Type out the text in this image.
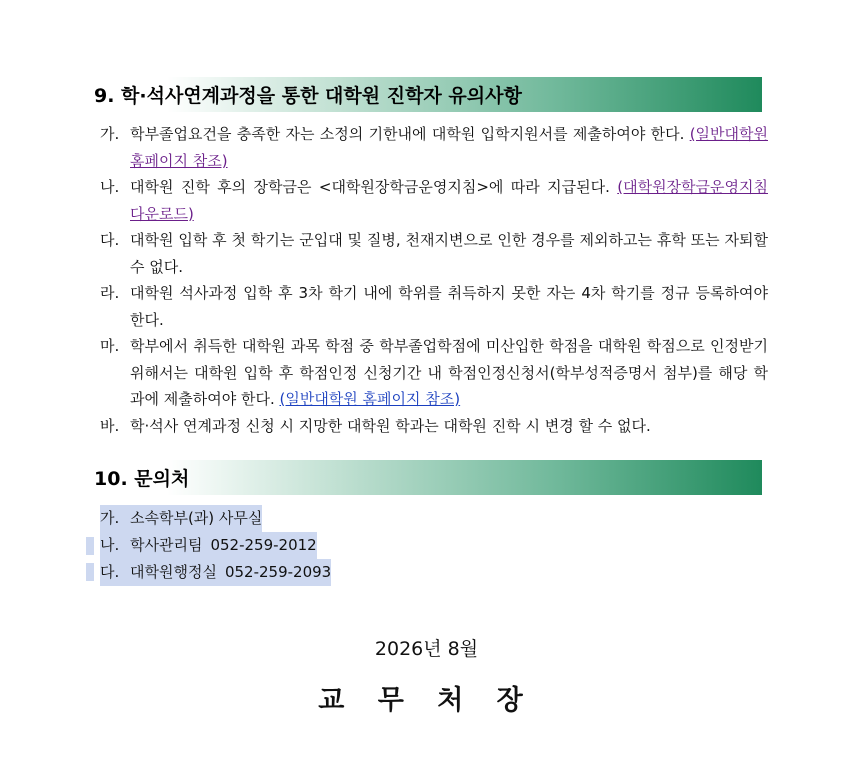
9. 학·석사연계과정을 통한 대학원 진학자 유의사항
가. 학부졸업요건을 충족한 자는 소정의 기한내에 대학원 입학지원서를 제출하여야 한다. (일반대학원 홈페이지 참조)
나. 대학원 진학 후의 장학금은 <대학원장학금운영지침>에 따라 지급된다. (대학원장학금운영지침 다운로드)
다. 대학원 입학 후 첫 학기는 군입대 및 질병, 천재지변으로 인한 경우를 제외하고는 휴학 또는 자퇴할 수 없다.
라. 대학원 석사과정 입학 후 3차 학기 내에 학위를 취득하지 못한 자는 4차 학기를 정규 등록하여야 한다.
마. 학부에서 취득한 대학원 과목 학점 중 학부졸업학점에 미산입한 학점을 대학원 학점으로 인정받기 위해서는 대학원 입학 후 학점인정 신청기간 내 학점인정신청서(학부성적증명서 첨부)를 해당 학과에 제출하여야 한다. (일반대학원 홈페이지 참조)
바. 학·석사 연계과정 신청 시 지망한 대학원 학과는 대학원 진학 시 변경 할 수 없다.
10. 문의처
가. 소속학부(과) 사무실
나. 학사관리팀 052-259-2012
다. 대학원행정실 052-259-2093
2026년 8월
교 무 처 장
